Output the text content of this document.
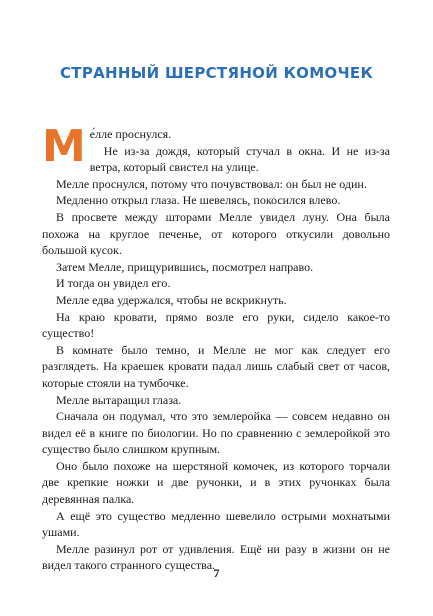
СТРАННЫЙ ШЕРСТЯНОЙ КОМОЧЕК

Ме́лле проснулся.

Не из-за дождя, который стучал в окна. И не из-за ветра, который свистел на улице.

Мелле проснулся, потому что почувствовал: он был не один.

Медленно открыл глаза. Не шевелясь, покосился влево.

В просвете между шторами Мелле увидел луну. Она была похожа на круглое печенье, от которого откусили довольно большой кусок.

Затем Мелле, прищурившись, посмотрел направо.

И тогда он увидел его.

Мелле едва удержался, чтобы не вскрикнуть.

На краю кровати, прямо возле его руки, сидело какое-то существо!

В комнате было темно, и Мелле не мог как следует его разглядеть. На краешек кровати падал лишь слабый свет от часов, которые стояли на тумбочке.

Мелле вытаращил глаза.

Сначала он подумал, что это землеройка — совсем недавно он видел её в книге по биологии. Но по сравнению с землеройкой это существо было слишком крупным.

Оно было похоже на шерстяной комочек, из которого торчали две крепкие ножки и две ручонки, и в этих ручонках была деревянная палка.

А ещё это существо медленно шевелило острыми мохнатыми ушами.

Мелле разинул рот от удивления. Ещё ни разу в жизни он не видел такого странного существа.

7
